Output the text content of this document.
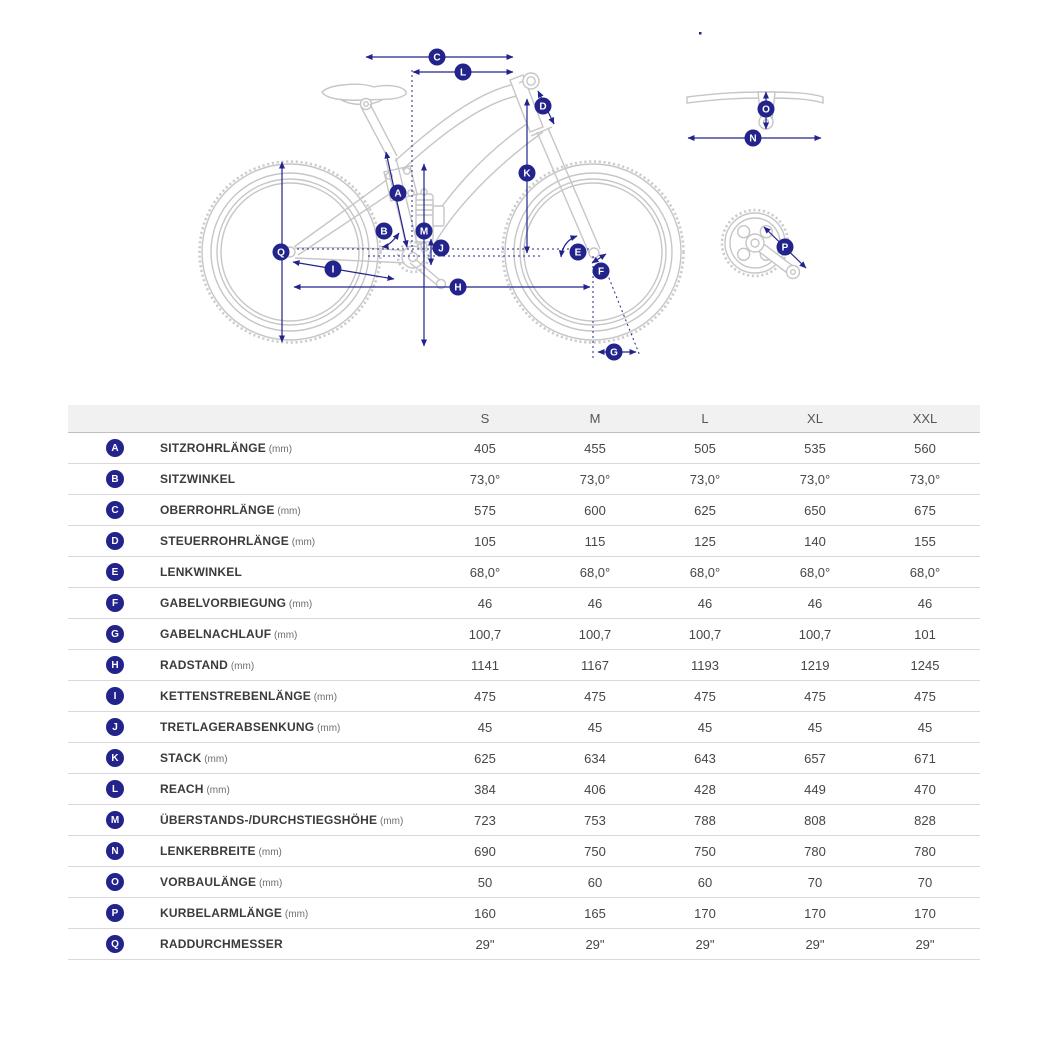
A
B
C
D
E
F
G
H
I
J
K
L
M
N
O
P
Q
S	M	L	XL	XXL
A	SITZROHRLÄNGE (mm)	405	455	505	535	560
B	SITZWINKEL	73,0°	73,0°	73,0°	73,0°	73,0°
C	OBERROHRLÄNGE (mm)	575	600	625	650	675
D	STEUERROHRLÄNGE (mm)	105	115	125	140	155
E	LENKWINKEL	68,0°	68,0°	68,0°	68,0°	68,0°
F	GABELVORBIEGUNG (mm)	46	46	46	46	46
G	GABELNACHLAUF (mm)	100,7	100,7	100,7	100,7	101
H	RADSTAND (mm)	1141	1167	1193	1219	1245
I	KETTENSTREBENLÄNGE (mm)	475	475	475	475	475
J	TRETLAGERABSENKUNG (mm)	45	45	45	45	45
K	STACK (mm)	625	634	643	657	671
L	REACH (mm)	384	406	428	449	470
M	ÜBERSTANDS-/DURCHSTIEGSHÖHE (mm)	723	753	788	808	828
N	LENKERBREITE (mm)	690	750	750	780	780
O	VORBAULÄNGE (mm)	50	60	60	70	70
P	KURBELARMLÄNGE (mm)	160	165	170	170	170
Q	RADDURCHMESSER	29"	29"	29"	29"	29"
